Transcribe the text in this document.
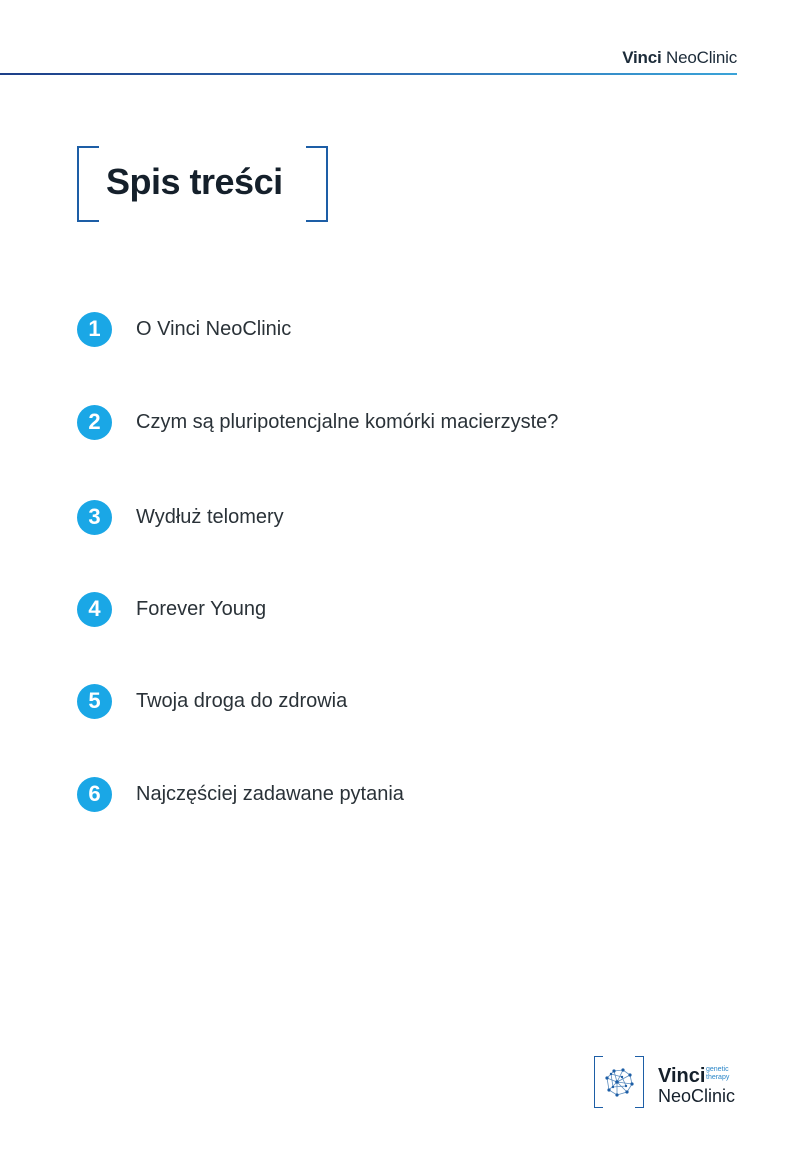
Vinci NeoClinic
Spis treści
1	O Vinci NeoClinic
2	Czym są pluripotencjalne komórki macierzyste?
3	Wydłuż telomery
4	Forever Young
5	Twoja droga do zdrowia
6	Najczęściej zadawane pytania
Vinci genetic
therapy
NeoClinic
